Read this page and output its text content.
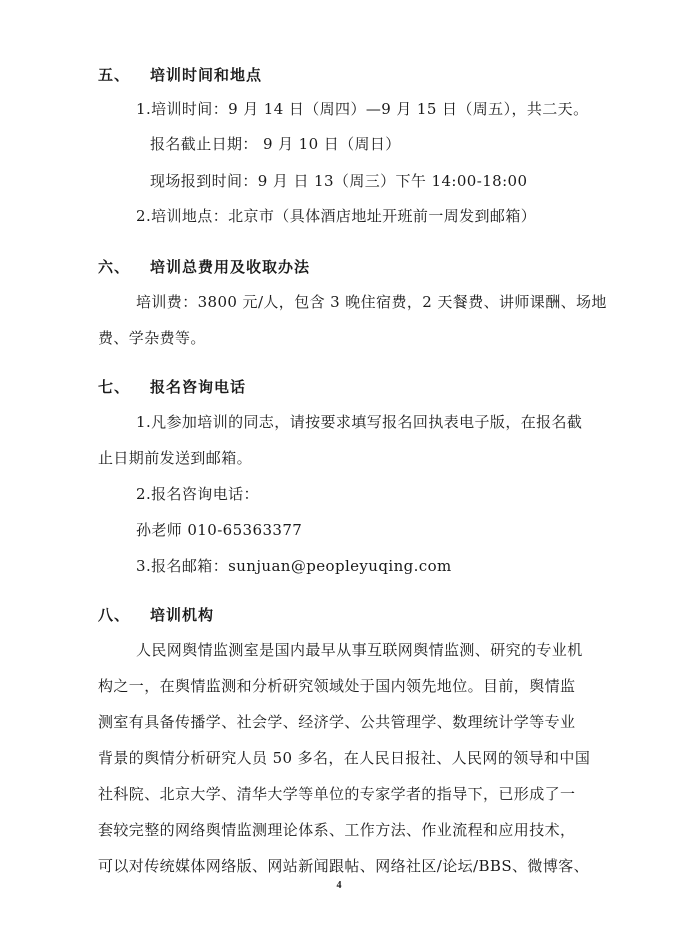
五、 培训时间和地点
1.培训时间：9 月 14 日（周四）—9 月 15 日（周五），共二天。
报名截止日期： 9 月 10 日（周日）
现场报到时间：9 月 日 13（周三）下午 14:00-18:00
2.培训地点：北京市（具体酒店地址开班前一周发到邮箱）
六、 培训总费用及收取办法
培训费：3800 元/人，包含 3 晚住宿费，2 天餐费、讲师课酬、场地
费、学杂费等。
七、 报名咨询电话
1.凡参加培训的同志，请按要求填写报名回执表电子版，在报名截
止日期前发送到邮箱。
2.报名咨询电话：
孙老师 010-65363377
3.报名邮箱：sunjuan@peopleyuqing.com
八、 培训机构
人民网舆情监测室是国内最早从事互联网舆情监测、研究的专业机
构之一，在舆情监测和分析研究领域处于国内领先地位。目前，舆情监
测室有具备传播学、社会学、经济学、公共管理学、数理统计学等专业
背景的舆情分析研究人员 50 多名，在人民日报社、人民网的领导和中国
社科院、北京大学、清华大学等单位的专家学者的指导下，已形成了一
套较完整的网络舆情监测理论体系、工作方法、作业流程和应用技术，
可以对传统媒体网络版、网站新闻跟帖、网络社区/论坛/BBS、微博客、
4
